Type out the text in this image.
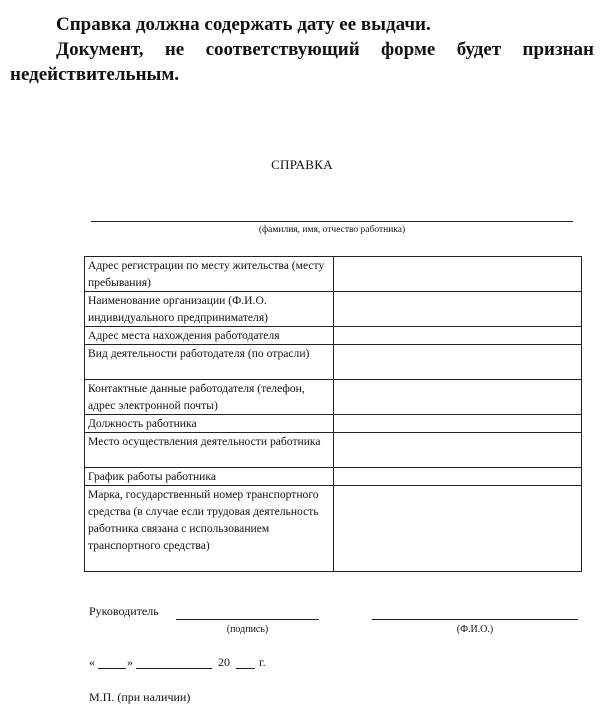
Справка должна содержать дату ее выдачи.
Документ, не соответствующий форме будет признан
недействительным.
СПРАВКА
(фамилия, имя, отчество работника)
Адрес регистрации по месту жительства (месту пребывания)	
Наименование организации (Ф.И.О. индивидуального предпринимателя)	
Адрес места нахождения работодателя	
Вид деятельности работодателя (по отрасли)	
Контактные данные работодателя (телефон, адрес электронной почты)	
Должность работника	
Место осуществления деятельности работника	
График работы работника	
Марка, государственный номер транспортного средства (в случае если трудовая деятельность работника связана с использованием транспортного средства)	
Руководитель
(подпись)	(Ф.И.О.)
«	»	20 г.
М.П. (при наличии)
